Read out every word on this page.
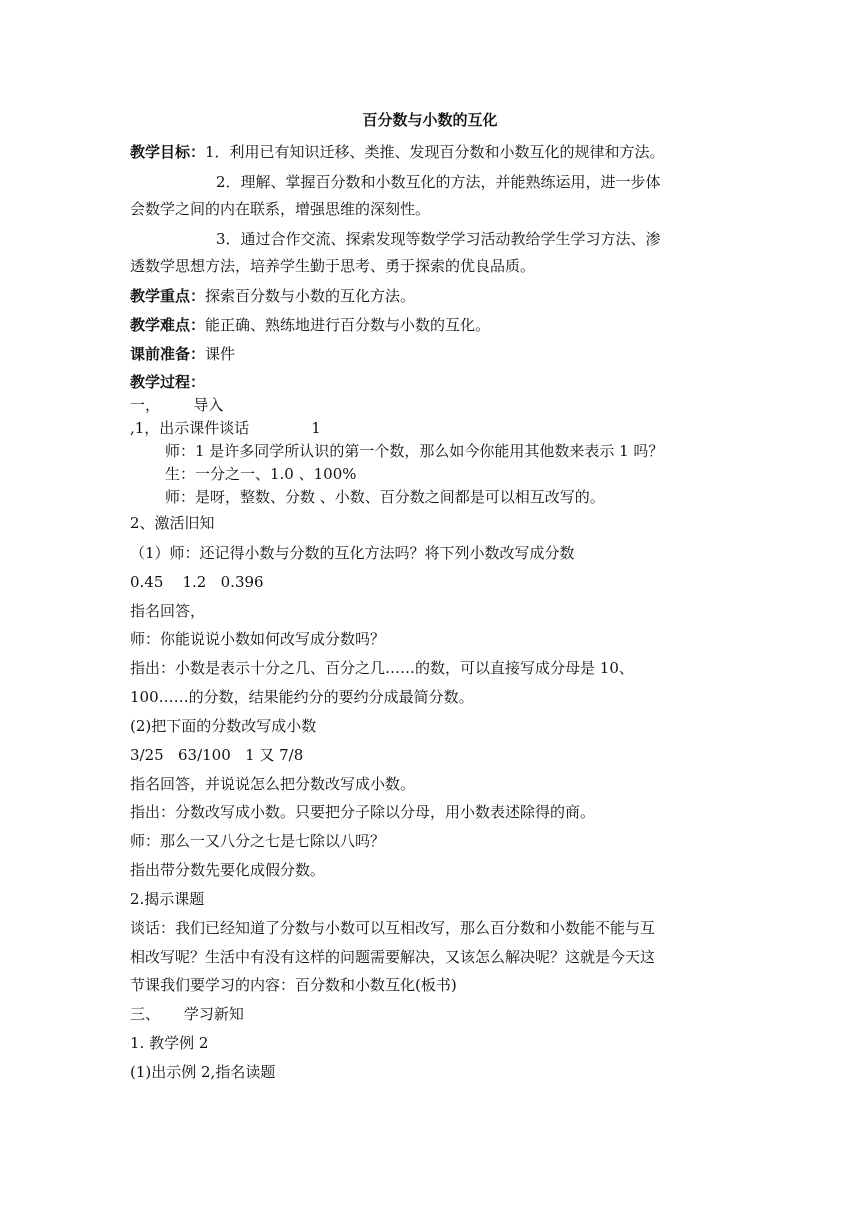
百分数与小数的互化
教学目标：1．利用已有知识迁移、类推、发现百分数和小数互化的规律和方法。
2．理解、掌握百分数和小数互化的方法，并能熟练运用，进一步体
会数学之间的内在联系，增强思维的深刻性。
3．通过合作交流、探索发现等数学学习活动教给学生学习方法、渗
透数学思想方法，培养学生勤于思考、勇于探索的优良品质。
教学重点：探索百分数与小数的互化方法。
教学难点：能正确、熟练地进行百分数与小数的互化。
课前准备：课件
教学过程：
一，       导入
,1，出示课件谈话             1
师：1 是许多同学所认识的第一个数，那么如今你能用其他数来表示 1 吗？
生：一分之一、1.0 、100%
师：是呀，整数、分数 、小数、百分数之间都是可以相互改写的。
2、激活旧知
（1）师：还记得小数与分数的互化方法吗？将下列小数改写成分数
0.45    1.2   0.396
指名回答，
师：你能说说小数如何改写成分数吗？
指出：小数是表示十分之几、百分之几……的数，可以直接写成分母是 10、
100……的分数，结果能约分的要约分成最简分数。
(2)把下面的分数改写成小数
3/25   63/100   1 又 7/8
指名回答，并说说怎么把分数改写成小数。
指出：分数改写成小数。只要把分子除以分母，用小数表述除得的商。
师：那么一又八分之七是七除以八吗？
指出带分数先要化成假分数。
2.揭示课题
谈话：我们已经知道了分数与小数可以互相改写，那么百分数和小数能不能与互
相改写呢？生活中有没有这样的问题需要解决，又该怎么解决呢？这就是今天这
节课我们要学习的内容：百分数和小数互化(板书)
三、     学习新知
1. 教学例 2
(1)出示例 2,指名读题
